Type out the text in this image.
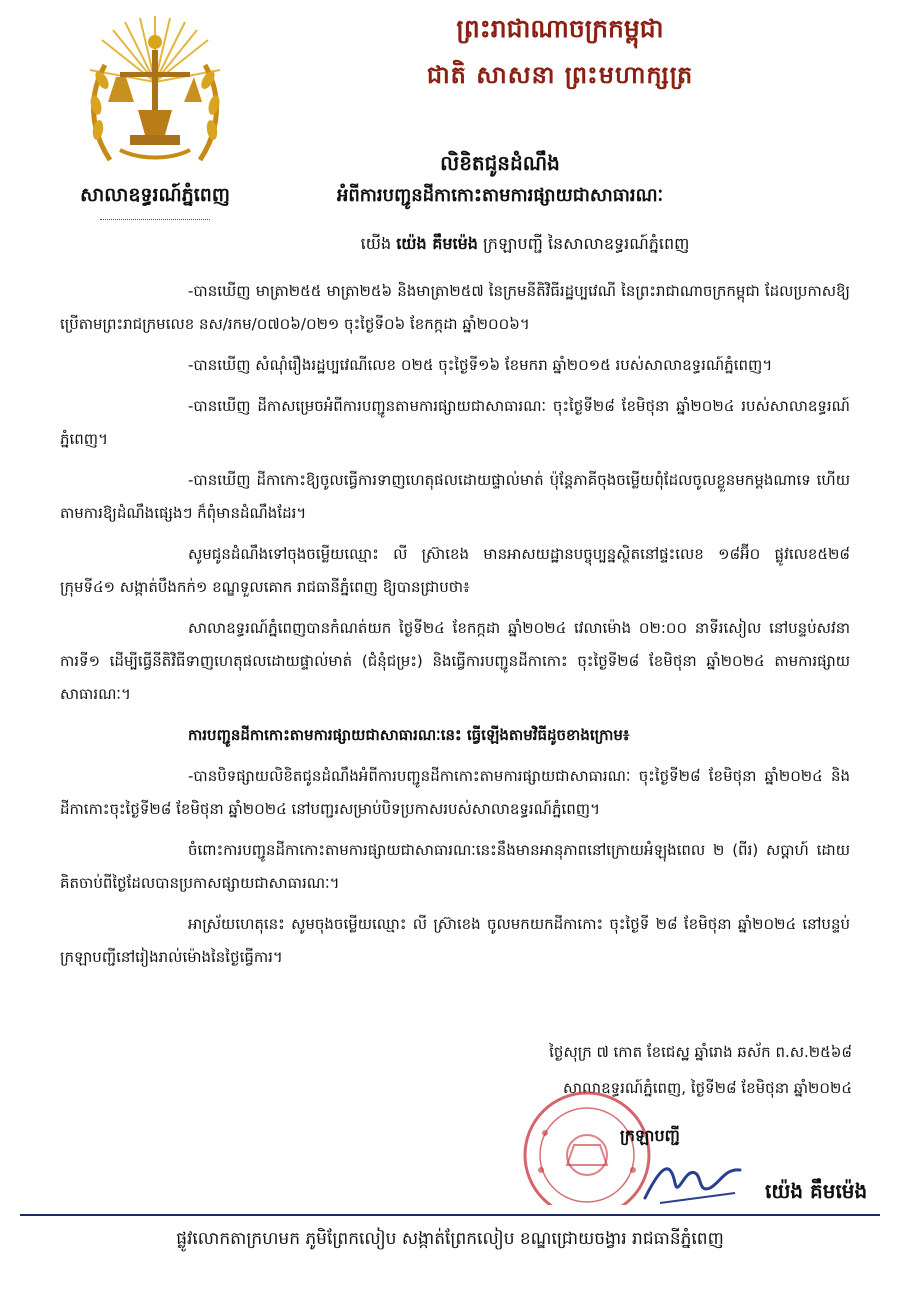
សាលាឧទ្ធរណ៍ភ្នំពេញ
ព្រះរាជាណាចក្រកម្ពុជា
ជាតិ សាសនា ព្រះមហាក្សត្រ
លិខិតជូនដំណឹង
អំពីការបញ្ជូនដីកាកោះតាមការផ្សាយជាសាធារណៈ
យើង យ៉េង គឹមម៉េង ក្រឡាបញ្ជី នៃសាលាឧទ្ធរណ៍ភ្នំពេញ

-បានឃើញ មាត្រា២៥៥ មាត្រា២៥៦ និងមាត្រា២៥៧ នៃក្រមនីតិវិធីរដ្ឋប្បវេណី នៃព្រះរាជាណាចក្រកម្ពុជា ដែលប្រកាសឱ្យប្រើតាមព្រះរាជក្រមលេខ នស/រកម/០៧០៦/០២១ ចុះថ្ងៃទី០៦ ខែកក្កដា ឆ្នាំ២០០៦។

-បានឃើញ សំណុំរឿងរដ្ឋប្បវេណីលេខ ០២៥ ចុះថ្ងៃទី១៦ ខែមករា ឆ្នាំ២០១៥ របស់សាលាឧទ្ធរណ៍ភ្នំពេញ។

-បានឃើញ ដីកាសម្រេចអំពីការបញ្ជូនតាមការផ្សាយជាសាធារណៈ ចុះថ្ងៃទី២៨ ខែមិថុនា ឆ្នាំ២០២៤ របស់សាលាឧទ្ធរណ៍ភ្នំពេញ។

-បានឃើញ ដីកាកោះឱ្យចូលធ្វើការទាញហេតុផលដោយផ្ទាល់មាត់ ប៉ុន្តែភាគីចុងចម្លើយពុំដែលចូលខ្លួនមកម្តងណាទេ ហើយតាមការឱ្យដំណឹងផ្សេងៗ ក៏ពុំមានដំណឹងដែរ។

សូមជូនដំណឹងទៅចុងចម្លើយឈ្មោះ លី ស្រ៊ាខេង មានអាសយដ្ឋានបច្ចុប្បន្នស្ថិតនៅផ្ទះលេខ ១៨អ៊ី០ ផ្លូវលេខ៥២៨ ក្រុមទី៤១ សង្កាត់បឹងកក់១ ខណ្ឌទួលគោក រាជធានីភ្នំពេញ ឱ្យបានជ្រាបថា៖

សាលាឧទ្ធរណ៍ភ្នំពេញបានកំណត់យក ថ្ងៃទី២៤ ខែកក្កដា ឆ្នាំ២០២៤ វេលាម៉ោង ០២:០០ នាទីរសៀល នៅបន្ទប់សវនាការទី១ ដើម្បីធ្វើនីតិវិធីទាញហេតុផលដោយផ្ទាល់មាត់ (ជំនុំជម្រះ) និងធ្វើការបញ្ជូនដីកាកោះ ចុះថ្ងៃទី២៨ ខែមិថុនា ឆ្នាំ២០២៤ តាមការផ្សាយសាធារណៈ។

ការបញ្ជូនដីកាកោះតាមការផ្សាយជាសាធារណៈនេះ ធ្វើឡើងតាមវិធីដូចខាងក្រោម៖

-បានបិទផ្សាយលិខិតជូនដំណឹងអំពីការបញ្ជូនដីកាកោះតាមការផ្សាយជាសាធារណៈ ចុះថ្ងៃទី២៨ ខែមិថុនា ឆ្នាំ២០២៤ និងដីកាកោះចុះថ្ងៃទី២៨ ខែមិថុនា ឆ្នាំ២០២៤ នៅបញ្ជរសម្រាប់បិទប្រកាសរបស់សាលាឧទ្ធរណ៍ភ្នំពេញ។

ចំពោះការបញ្ជូនដីកាកោះតាមការផ្សាយជាសាធារណៈនេះនឹងមានអានុភាពនៅក្រោយអំឡុងពេល ២ (ពីរ) សប្តាហ៍ ដោយគិតចាប់ពីថ្ងៃដែលបានប្រកាសផ្សាយជាសាធារណៈ។

អាស្រ័យហេតុនេះ សូមចុងចម្លើយឈ្មោះ លី ស្រ៊ាខេង ចូលមកយកដីកាកោះ ចុះថ្ងៃទី ២៨ ខែមិថុនា ឆ្នាំ២០២៤ នៅបន្ទប់ក្រឡាបញ្ជីនៅរៀងរាល់ម៉ោងនៃថ្ងៃធ្វើការ។

ថ្ងៃសុក្រ ៧ កោត ខែជេស្ឋ ឆ្នាំរោង ឆស័ក ព.ស.២៥៦៨
សាលាឧទ្ធរណ៍ភ្នំពេញ, ថ្ងៃទី២៨ ខែមិថុនា ឆ្នាំ២០២៤
ក្រឡាបញ្ជី
យ៉េង គឹមម៉េង
ផ្លូវលោកតាក្រហមក ភូមិព្រែកលៀប សង្កាត់ព្រែកលៀប ខណ្ឌជ្រោយចង្វារ រាជធានីភ្នំពេញ
